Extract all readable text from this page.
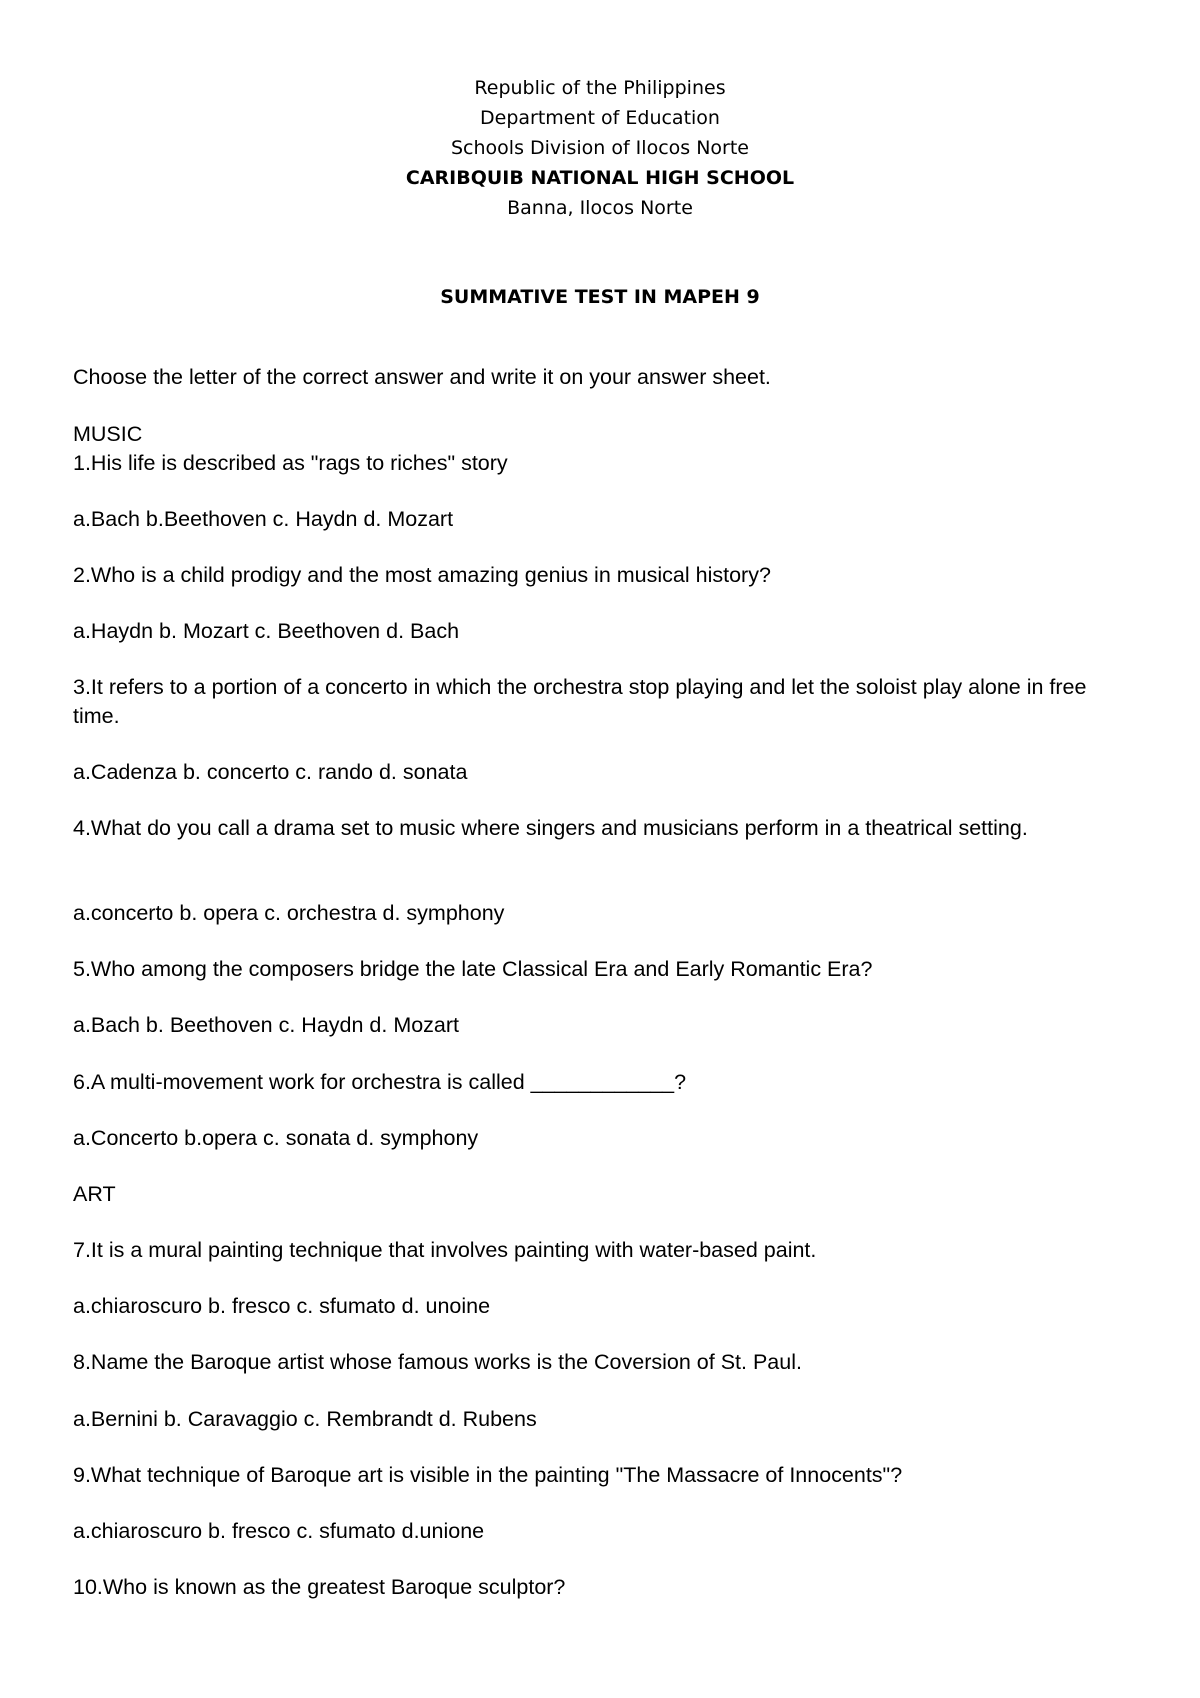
Republic of the Philippines
Department of Education
Schools Division of Ilocos Norte
CARIBQUIB NATIONAL HIGH SCHOOL
Banna, Ilocos Norte
SUMMATIVE TEST IN MAPEH 9
Choose the letter of the correct answer and write it on your answer sheet.
MUSIC
1.His life is described as "rags to riches" story
a.Bach b.Beethoven c. Haydn d. Mozart
2.Who is a child prodigy and the most amazing genius in musical history?
a.Haydn b. Mozart c. Beethoven d. Bach
3.It refers to a portion of a concerto in which the orchestra stop playing and let the soloist play alone in free time.
a.Cadenza b. concerto c. rando d. sonata
4.What do you call a drama set to music where singers and musicians perform in a theatrical setting.
a.concerto b. opera c. orchestra d. symphony
5.Who among the composers bridge the late Classical Era and Early Romantic Era?
a.Bach b. Beethoven c. Haydn d. Mozart
6.A multi-movement work for orchestra is called ____________?
a.Concerto b.opera c. sonata d. symphony
ART
7.It is a mural painting technique that involves painting with water-based paint.
a.chiaroscuro b. fresco c. sfumato d. unoine
8.Name the Baroque artist whose famous works is the Coversion of St. Paul.
a.Bernini b. Caravaggio c. Rembrandt d. Rubens
9.What technique of Baroque art is visible in the painting "The Massacre of Innocents"?
a.chiaroscuro b. fresco c. sfumato d.unione
10.Who is known as the greatest Baroque sculptor?
